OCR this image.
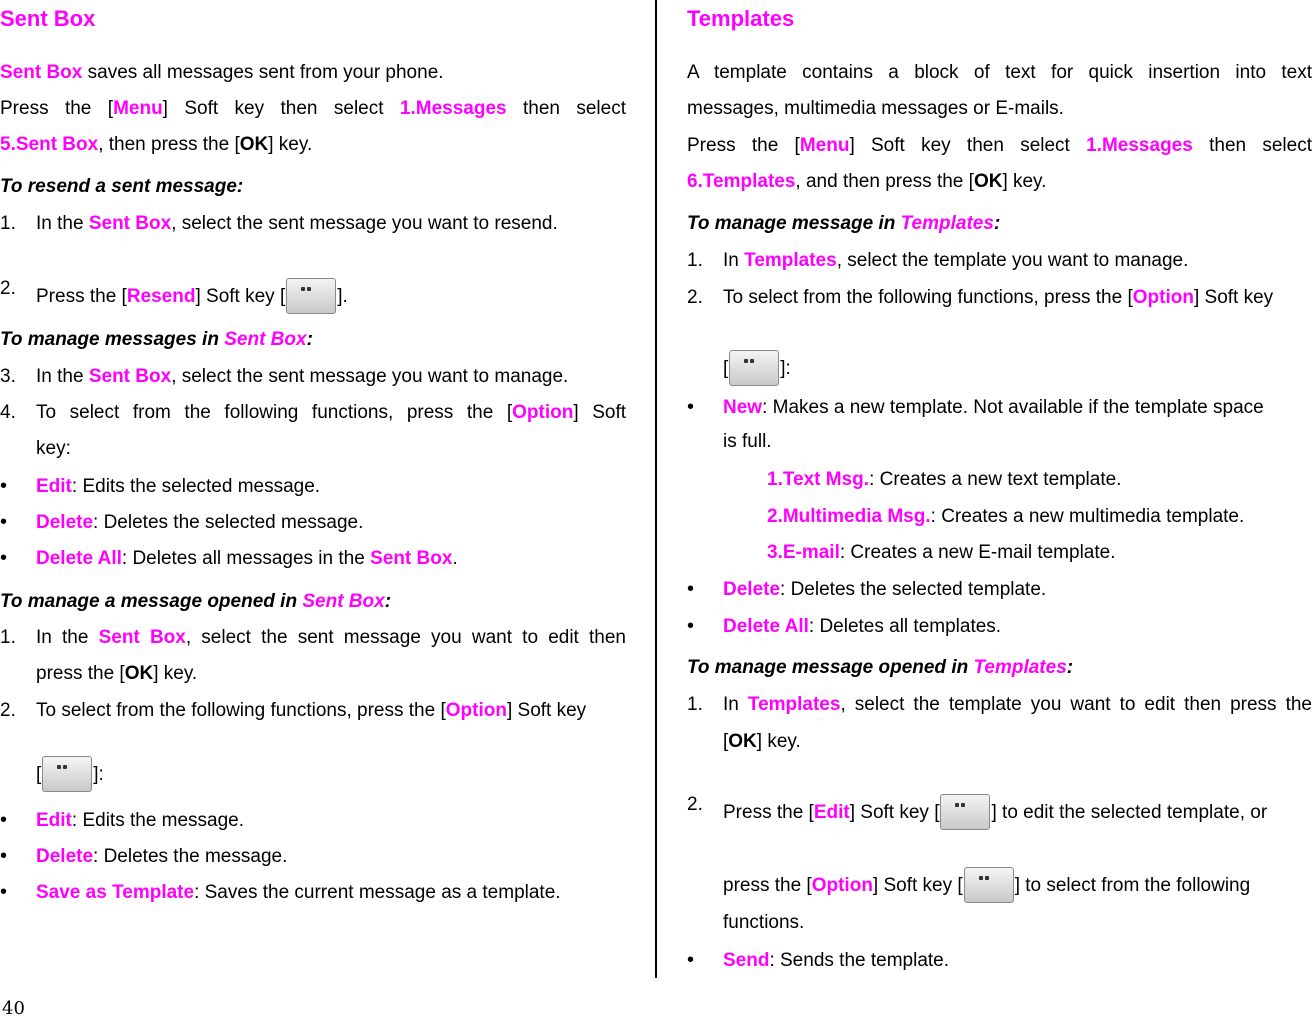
Sent Box
Sent Box saves all messages sent from your phone.
Press the [Menu] Soft key then select 1.Messages then select
5.Sent Box, then press the [OK] key.
To resend a sent message:
1. In the Sent Box, select the sent message you want to resend.
2. Press the [Resend] Soft key [	].
To manage messages in Sent Box:
3. In the Sent Box, select the sent message you want to manage.
4. To select from the following functions, press the [Option] Soft
key:
• Edit: Edits the selected message.
• Delete: Deletes the selected message.
• Delete All: Deletes all messages in the Sent Box.
To manage a message opened in Sent Box:
1. In the Sent Box, select the sent message you want to edit then
press the [OK] key.
2. To select from the following functions, press the [Option] Soft key
[	]:
• Edit: Edits the message.
• Delete: Deletes the message.
• Save as Template: Saves the current message as a template.
Templates
A template contains a block of text for quick insertion into text
messages, multimedia messages or E-mails.
Press the [Menu] Soft key then select 1.Messages then select
6.Templates, and then press the [OK] key.
To manage message in Templates:
1. In Templates, select the template you want to manage.
2. To select from the following functions, press the [Option] Soft key
[	]:
• New: Makes a new template. Not available if the template space
is full.
1.Text Msg.: Creates a new text template.
2.Multimedia Msg.: Creates a new multimedia template.
3.E-mail: Creates a new E-mail template.
• Delete: Deletes the selected template.
• Delete All: Deletes all templates.
To manage message opened in Templates:
1. In Templates, select the template you want to edit then press the
[OK] key.
2. Press the [Edit] Soft key [	] to edit the selected template, or
press the [Option] Soft key [	] to select from the following
functions.
• Send: Sends the template.
40
